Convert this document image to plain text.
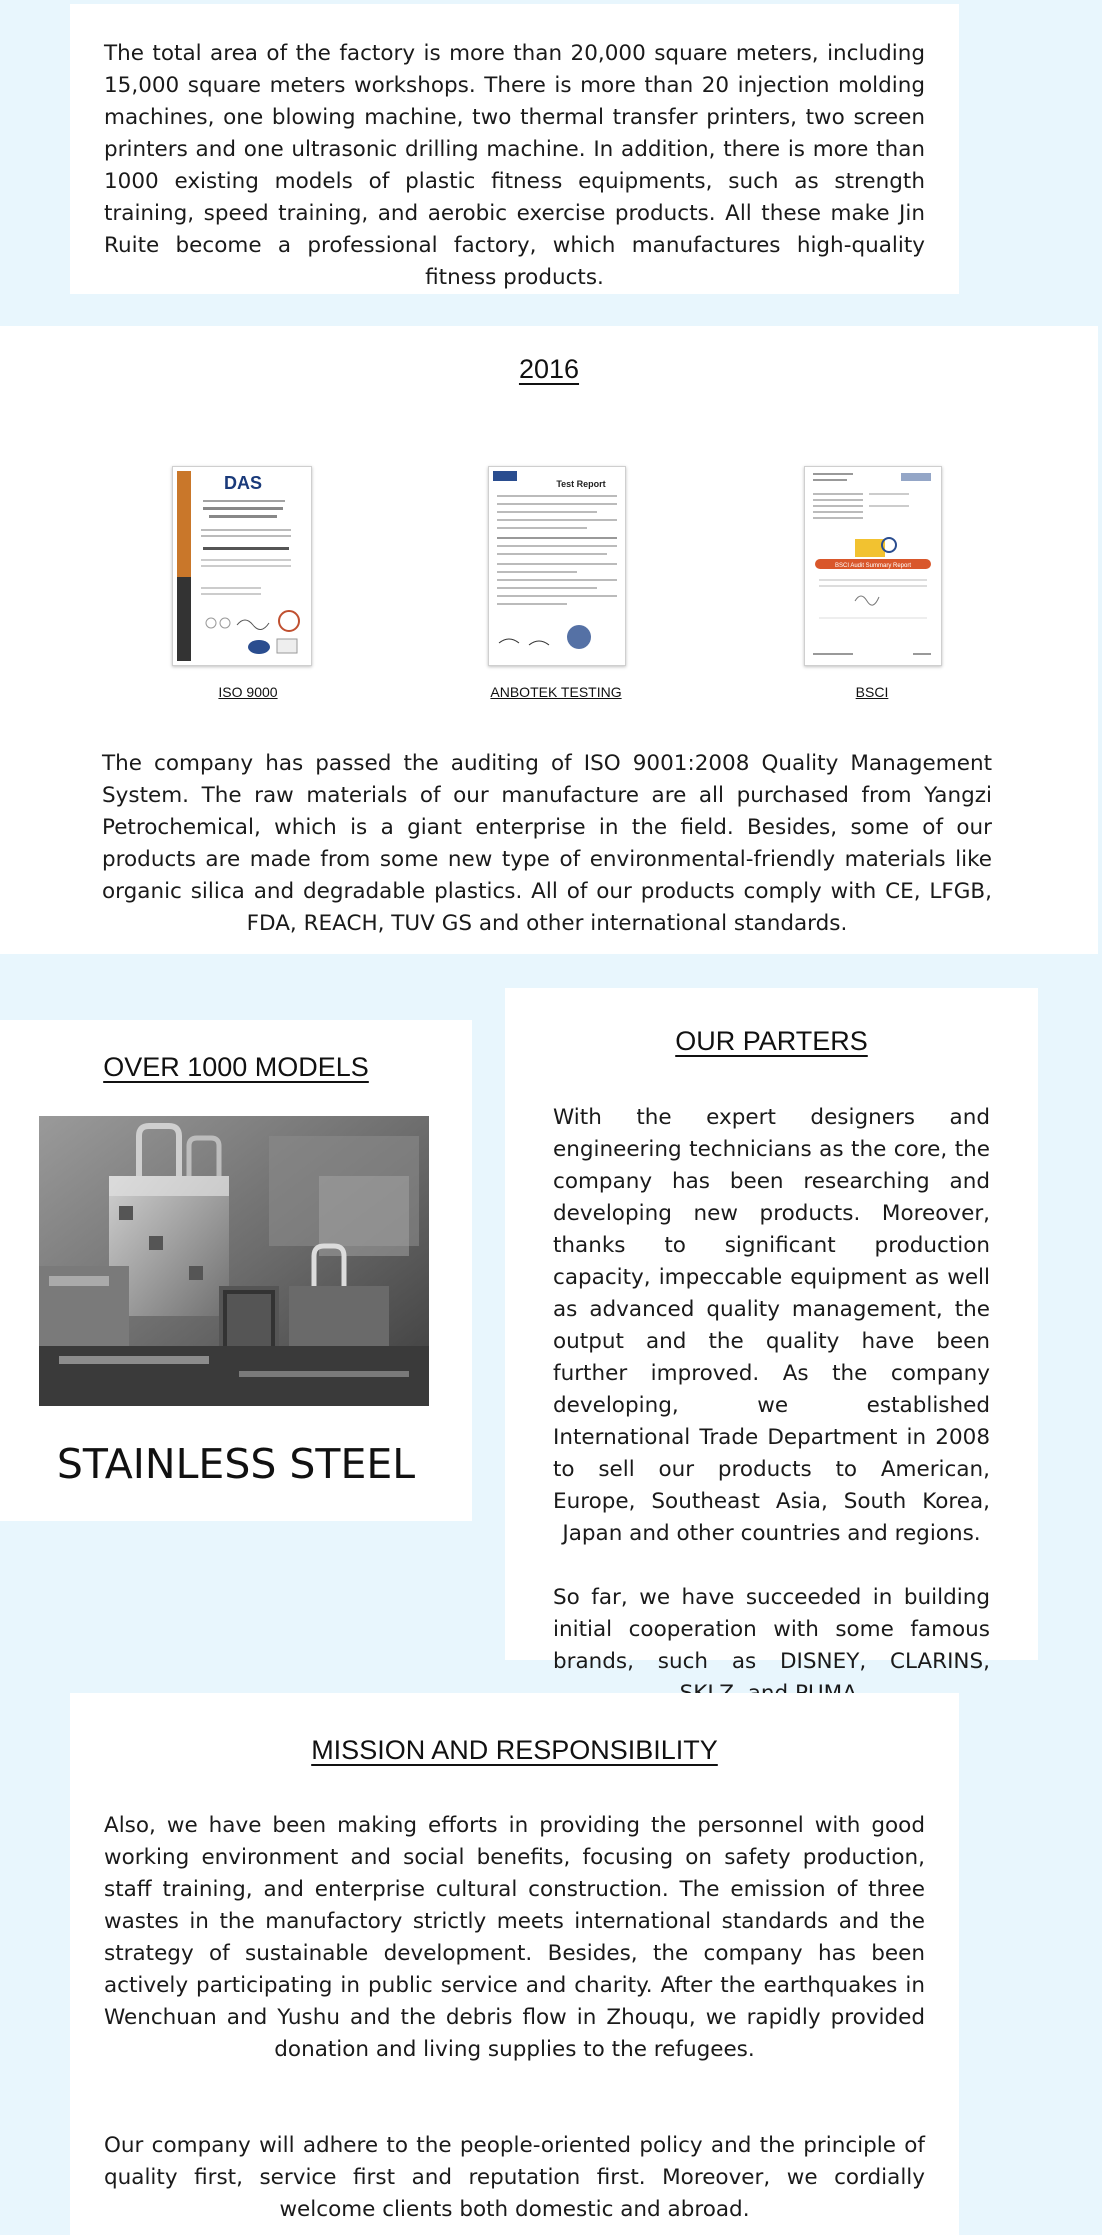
The total area of the factory is more than 20,000 square meters, including 15,000 square meters workshops. There is more than 20 injection molding machines, one blowing machine, two thermal transfer printers, two screen printers and one ultrasonic drilling machine. In addition, there is more than 1000 existing models of plastic fitness equipments, such as strength training, speed training, and aerobic exercise products. All these make Jin Ruite become a professional factory, which manufactures high-quality fitness products.

2016
DAS
ISO 9000
Test Report
ANBOTEK TESTING
BSCI Audit Summary Report
BSCI

The company has passed the auditing of ISO 9001:2008 Quality Management System. The raw materials of our manufacture are all purchased from Yangzi Petrochemical, which is a giant enterprise in the field. Besides, some of our products are made from some new type of environmental-friendly materials like organic silica and degradable plastics. All of our products comply with CE, LFGB, FDA, REACH, TUV GS and other international standards.

OVER 1000 MODELS
STAINLESS STEEL
OUR PARTERS

With the expert designers and engineering technicians as the core, the company has been researching and developing new products. Moreover, thanks to significant production capacity, impeccable equipment as well as advanced quality management, the output and the quality have been further improved. As the company developing, we established International Trade Department in 2008 to sell our products to American, Europe, Southeast Asia, South Korea, Japan and other countries and regions.

So far, we have succeeded in building initial cooperation with some famous brands, such as DISNEY, CLARINS,

MISSION AND RESPONSIBILITY

Also, we have been making efforts in providing the personnel with good working environment and social benefits, focusing on safety production, staff training, and enterprise cultural construction. The emission of three wastes in the manufactory strictly meets international standards and the strategy of sustainable development. Besides, the company has been actively participating in public service and charity. After the earthquakes in Wenchuan and Yushu and the debris flow in Zhouqu, we rapidly provided donation and living supplies to the refugees.

Our company will adhere to the people-oriented policy and the principle of quality first, service first and reputation first. Moreover, we cordially welcome clients both domestic and abroad.
